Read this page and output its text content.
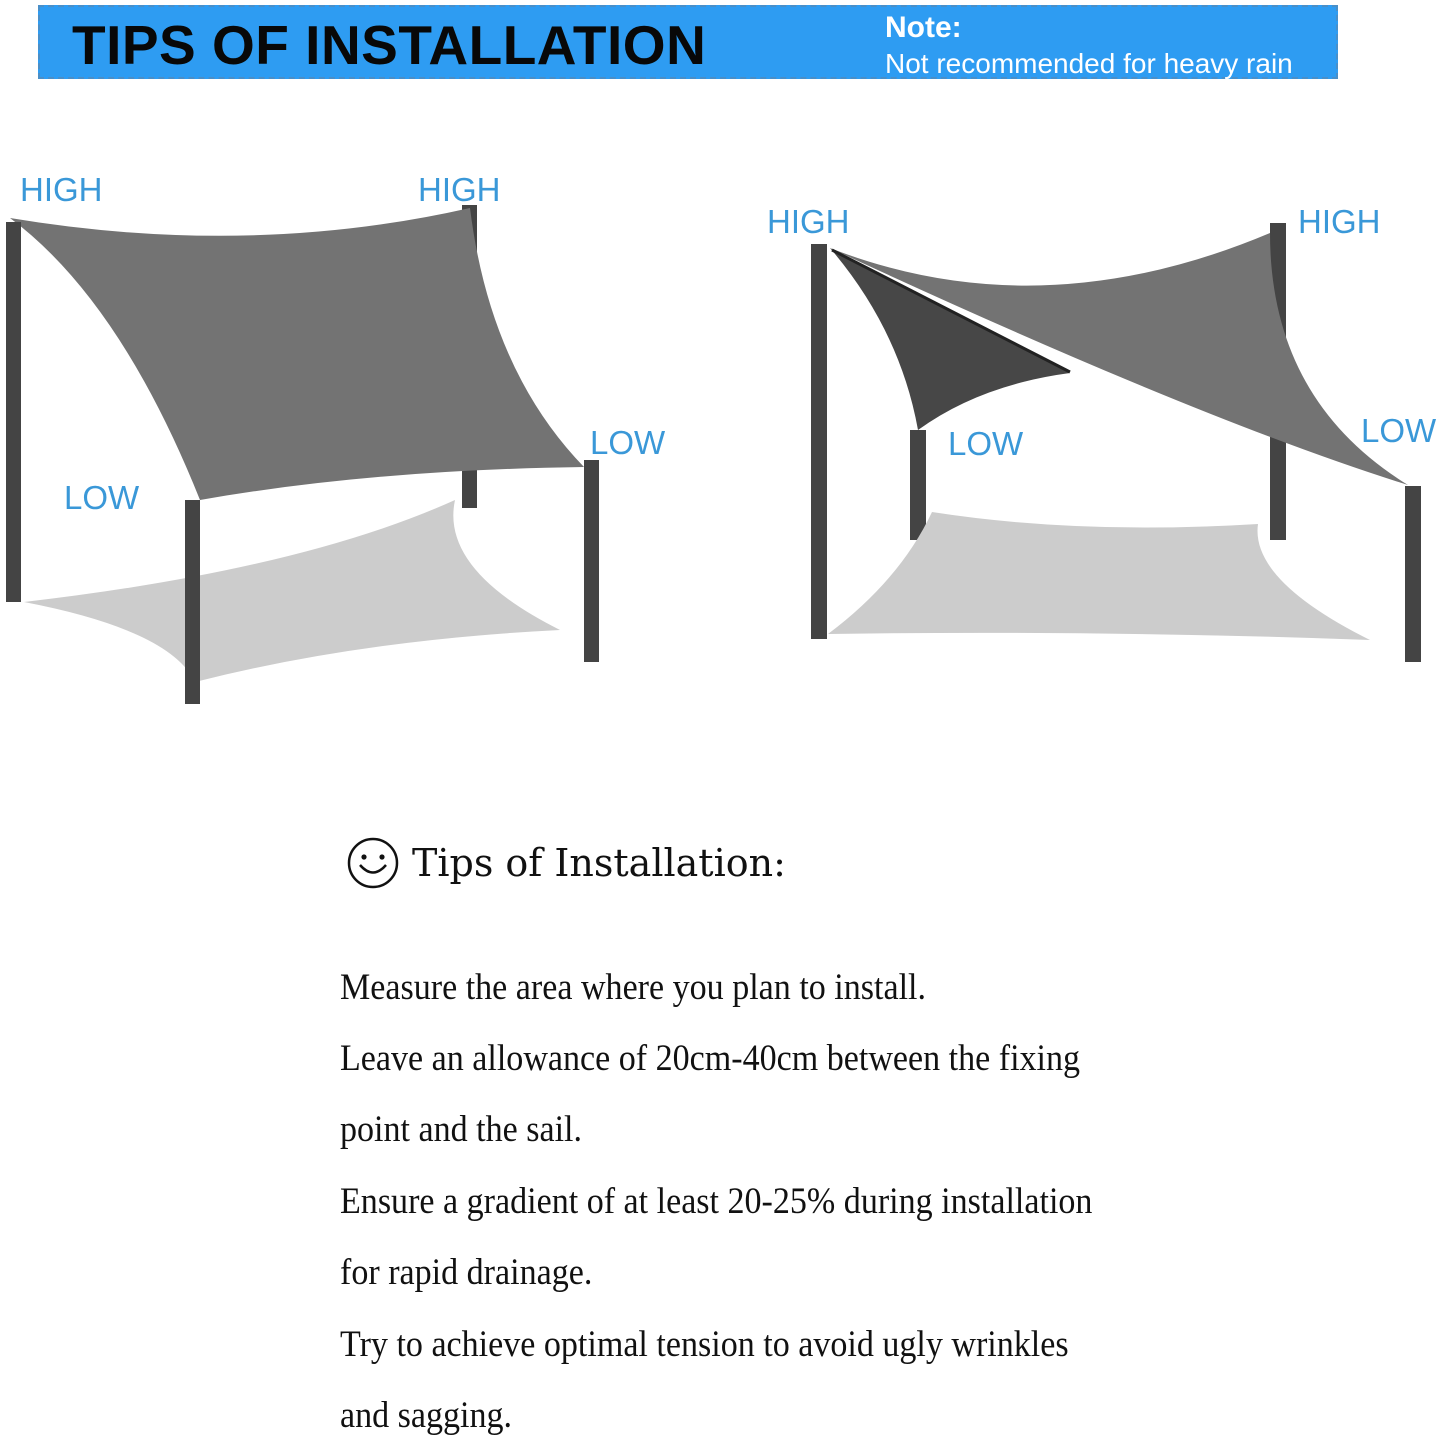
TIPS OF INSTALLATION	Note:
Not recommended for heavy rain
HIGH	HIGH
LOW
LOW
HIGH	HIGH
LOW	LOW
Tips of Installation:
Measure the area where you plan to install.
Leave an allowance of 20cm-40cm between the fixing
point and the sail.
Ensure a gradient of at least 20-25% during installation
for rapid drainage.
Try to achieve optimal tension to avoid ugly wrinkles
and sagging.
